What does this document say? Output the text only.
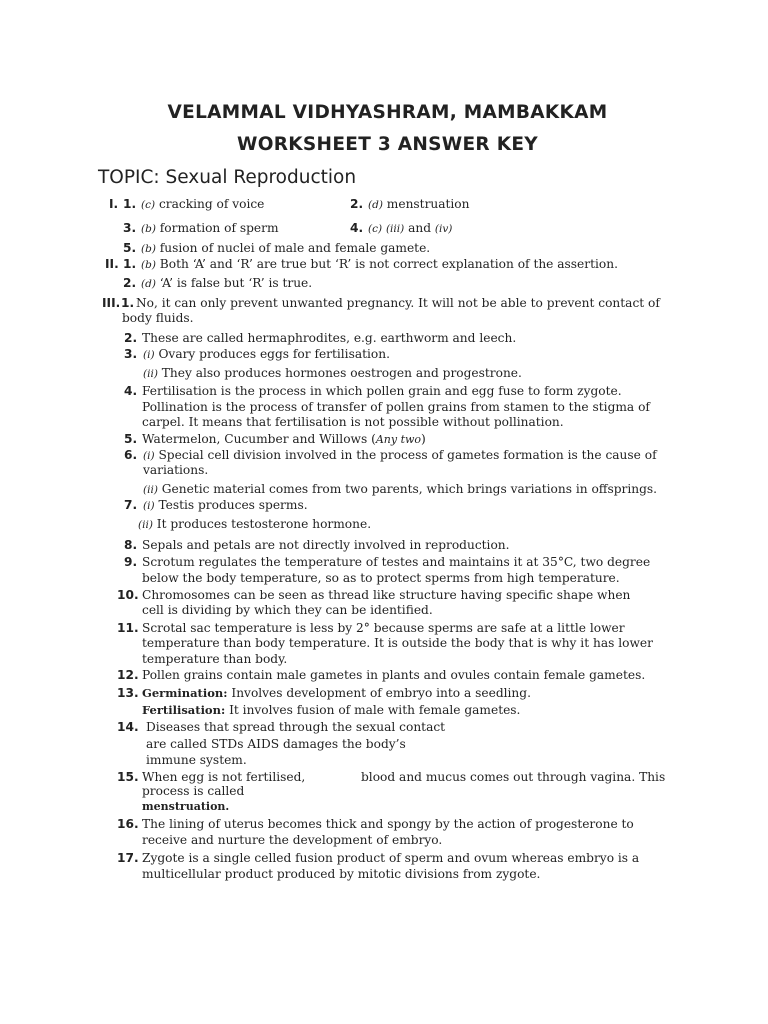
VELAMMAL VIDHYASHRAM, MAMBAKKAM
WORKSHEET 3 ANSWER KEY
TOPIC: Sexual Reproduction
I. 1. (c) cracking of voice	2. (d) menstruation
3. (b) formation of sperm	4. (c) (iii) and (iv)
5. (b) fusion of nuclei of male and female gamete.
II. 1. (b) Both ‘A’ and ‘R’ are true but ‘R’ is not correct explanation of the assertion.
2. (d) ‘A’ is false but ‘R’ is true.
III. 1. No, it can only prevent unwanted pregnancy. It will not be able to prevent contact of
body fluids.
2. These are called hermaphrodites, e.g. earthworm and leech.
3. (i) Ovary produces eggs for fertilisation.
(ii) They also produces hormones oestrogen and progestrone.
4. Fertilisation is the process in which pollen grain and egg fuse to form zygote.
Pollination is the process of transfer of pollen grains from stamen to the stigma of
carpel. It means that fertilisation is not possible without pollination.
5. Watermelon, Cucumber and Willows (Any two)
6. (i) Special cell division involved in the process of gametes formation is the cause of
variations.
(ii) Genetic material comes from two parents, which brings variations in offsprings.
7. (i) Testis produces sperms.
(ii) It produces testosterone hormone.
8. Sepals and petals are not directly involved in reproduction.
9. Scrotum regulates the temperature of testes and maintains it at 35°C, two degree
below the body temperature, so as to protect sperms from high temperature.
10. Chromosomes can be seen as thread like structure having specific shape when
cell is dividing by which they can be identified.
11. Scrotal sac temperature is less by 2° because sperms are safe at a little lower
temperature than body temperature. It is outside the body that is why it has lower
temperature than body.
12. Pollen grains contain male gametes in plants and ovules contain female gametes.
13. Germination: Involves development of embryo into a seedling.
Fertilisation: It involves fusion of male with female gametes.
14. Diseases that spread through the sexual contact
are called STDs AIDS damages the body’s
immune system.
15. When egg is not fertilised,	blood and mucus comes out through vagina. This
process is called
menstruation.
16. The lining of uterus becomes thick and spongy by the action of progesterone to
receive and nurture the development of embryo.
17. Zygote is a single celled fusion product of sperm and ovum whereas embryo is a
multicellular product produced by mitotic divisions from zygote.
